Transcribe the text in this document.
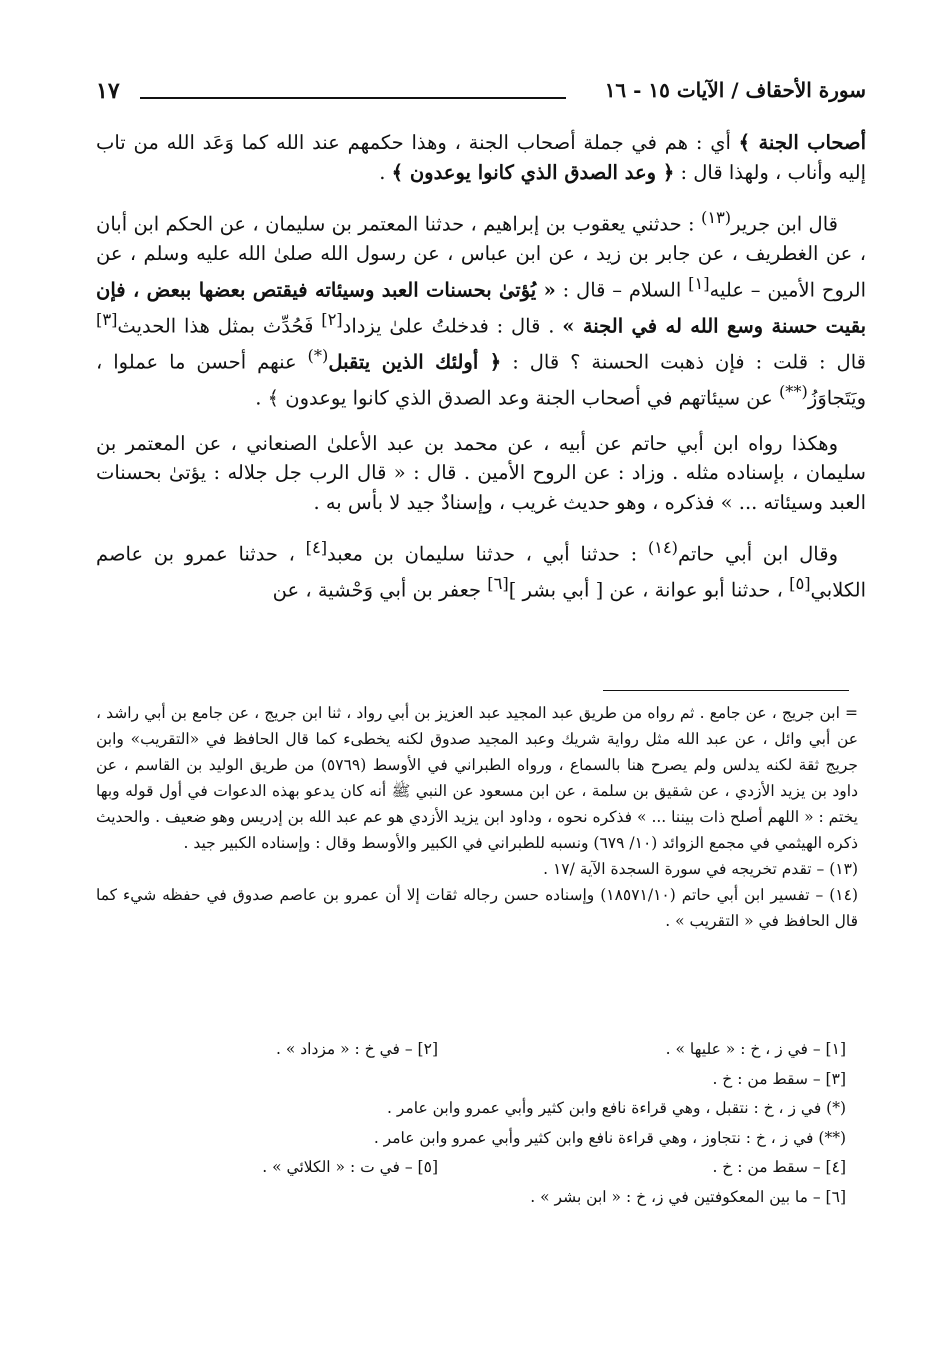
سورة الأحقاف / الآيات ١٥ - ١٦
١٧

أصحاب الجنة ﴾ أي : هم في جملة أصحاب الجنة ، وهذا حكمهم عند الله كما وَعَد الله من تاب إليه وأناب ، ولهذا قال : ﴿ وعد الصدق الذي كانوا يوعدون ﴾ .

قال ابن جرير$^{(١٣)}$ : حدثني يعقوب بن إبراهيم ، حدثنا المعتمر بن سليمان ، عن الحكم ابن أبان ، عن الغطريف ، عن جابر بن زيد ، عن ابن عباس ، عن رسول الله صلىٰ الله عليه وسلم ، عن الروح الأمين – عليه[١] السلام – قال : « يُؤتىٰ بحسنات العبد وسيئاته فيقتص بعضها ببعض ، فإن بقيت حسنة وسع الله له في الجنة » . قال : فدخلتُ علىٰ يزداد[٢] فَحُدِّث بمثل هذا الحديث[٣] قال : قلت : فإن ذهبت الحسنة ؟ قال : ﴿ أولئك الذين يتقبل(*) عنهم أحسن ما عملوا ، ويَتَجاوَزُ(**) عن سيئاتهم في أصحاب الجنة وعد الصدق الذي كانوا يوعدون ﴾ .

وهكذا رواه ابن أبي حاتم عن أبيه ، عن محمد بن عبد الأعلىٰ الصنعاني ، عن المعتمر بن سليمان ، بإسناده مثله . وزاد : عن الروح الأمين . قال : « قال الرب جل جلاله : يؤتىٰ بحسنات العبد وسيئاته ... » فذكره ، وهو حديث غريب ، وإسنادٌ جيد لا بأس به .

وقال ابن أبي حاتم$^{(١٤)}$ : حدثنا أبي ، حدثنا سليمان بن معبد[٤] ، حدثنا عمرو بن عاصم الكلابي[٥] ، حدثنا أبو عوانة ، عن [ أبي بشر ][٦] جعفر بن أبي وَحْشية ، عن

= ابن جريج ، عن جامع . ثم رواه من طريق عبد المجيد عبد العزيز بن أبي رواد ، ثنا ابن جريج ، عن جامع بن أبي راشد ، عن أبي وائل ، عن عبد الله مثل رواية شريك وعبد المجيد صدوق لكنه يخطىء كما قال الحافظ في «التقريب» وابن جريج ثقة لكنه يدلس ولم يصرح هنا بالسماع ، ورواه الطبراني في الأوسط (٥٧٦٩) من طريق الوليد بن القاسم ، عن داود بن يزيد الأزدي ، عن شقيق بن سلمة ، عن ابن مسعود عن النبي ﷺ أنه كان يدعو بهذه الدعوات في أول قوله وبها يختم : « اللهم أصلح ذات بيننا ... » فذكره نحوه ، وداود ابن يزيد الأزدي هو عم عبد الله بن إدريس وهو ضعيف . والحديث ذكره الهيثمي في مجمع الزوائد (١٠/ ٦٧٩) ونسبه للطبراني في الكبير والأوسط وقال : وإسناده الكبير جيد .

(١٣) – تقدم تخريجه في سورة السجدة الآية /١٧ .

(١٤) – تفسير ابن أبي حاتم (١٨٥٧١/١٠) وإسناده حسن رجاله ثقات إلا أن عمرو بن عاصم صدوق في حفظه شيء كما قال الحافظ في « التقريب » .

[١] – في ز ، خ : « عليها » .
[٢] – في خ : « مزداد » .
[٣] – سقط من : خ .
(*) في ز ، خ : نتقبل ، وهي قراءة نافع وابن كثير وأبي عمرو وابن عامر .
(**) في ز ، خ : نتجاوز ، وهي قراءة نافع وابن كثير وأبي عمرو وابن عامر .
[٤] – سقط من : خ .
[٥] – في ت : « الكلائي » .
[٦] – ما بين المعكوفتين في ز، خ : « ابن بشر » .
